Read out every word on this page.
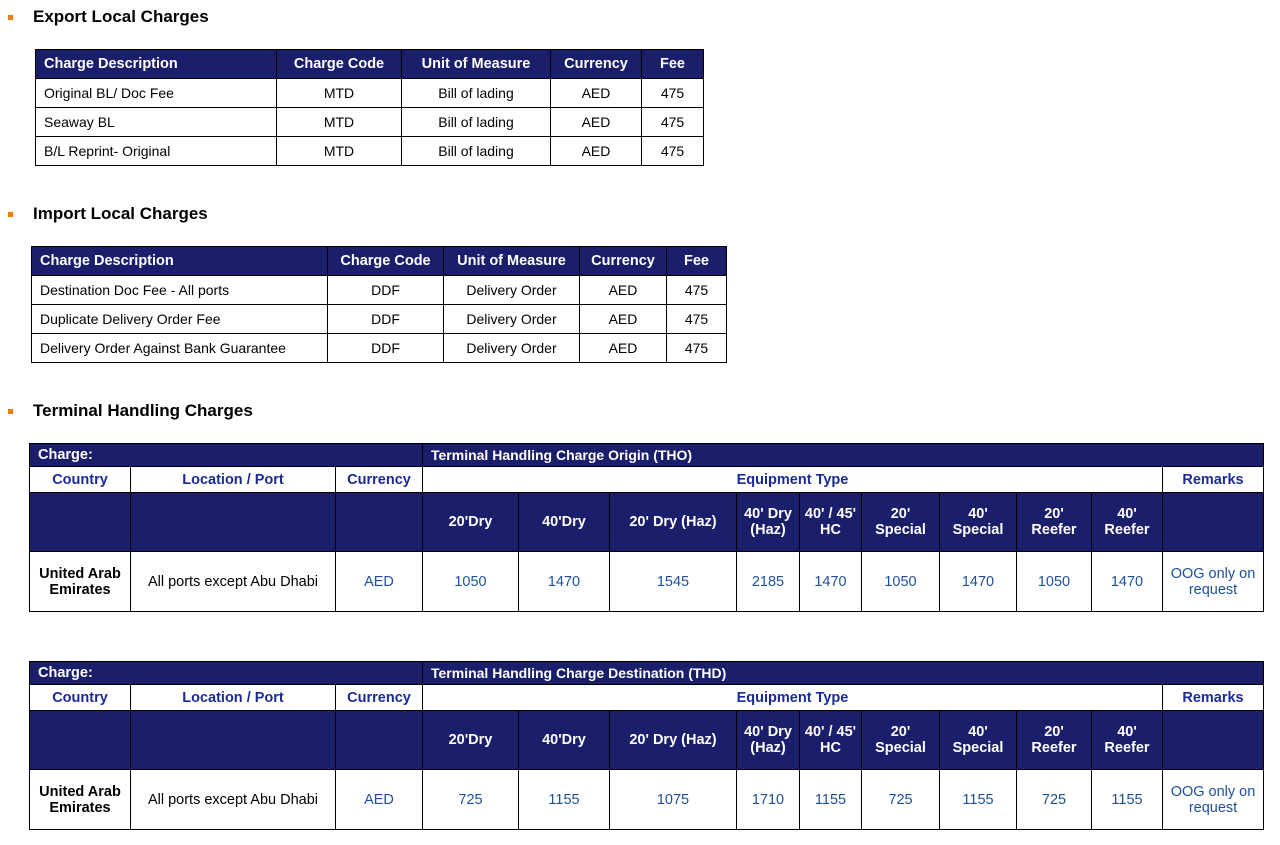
Export Local Charges
Charge Description	Charge Code	Unit of Measure	Currency	Fee
Original BL/ Doc Fee	MTD	Bill of lading	AED	475
Seaway BL	MTD	Bill of lading	AED	475
B/L Reprint- Original	MTD	Bill of lading	AED	475
Import Local Charges
Charge Description	Charge Code	Unit of Measure	Currency	Fee
Destination Doc Fee - All ports	DDF	Delivery Order	AED	475
Duplicate Delivery Order Fee	DDF	Delivery Order	AED	475
Delivery Order Against Bank Guarantee	DDF	Delivery Order	AED	475
Terminal Handling Charges
Charge:			Terminal Handling Charge Origin (THO)									
Country	Location / Port	Currency	Equipment Type									Remarks
			20'Dry	40'Dry	20' Dry (Haz)	40' Dry (Haz)	40' / 45' HC	20' Special	40' Special	20' Reefer	40' Reefer	
United Arab Emirates	All ports except Abu Dhabi	AED	1050	1470	1545	2185	1470	1050	1470	1050	1470	OOG only on request
Charge:			Terminal Handling Charge Destination (THD)									
Country	Location / Port	Currency	Equipment Type									Remarks
			20'Dry	40'Dry	20' Dry (Haz)	40' Dry (Haz)	40' / 45' HC	20' Special	40' Special	20' Reefer	40' Reefer	
United Arab Emirates	All ports except Abu Dhabi	AED	725	1155	1075	1710	1155	725	1155	725	1155	OOG only on request
